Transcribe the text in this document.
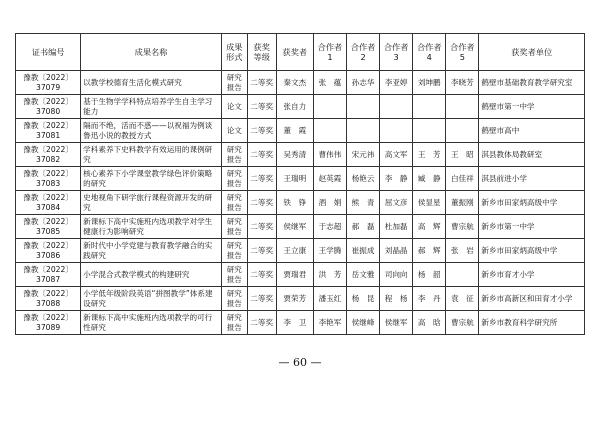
证书编号	成果名称	成果形式	获奖等级	获奖者	合作者1	合作者2	合作者3	合作者4	合作者5	获奖者单位
豫教〔2022〕37079	以教学校德育生活化模式研究	研究报告	二等奖	秦文杰	张　蕴	孙志华	李亚婷	刘坤鹏	李晓芳	鹤壁市基础教育教学研究室
豫教〔2022〕37080	基于生物学学科特点培养学生自主学习能力	论文	二等奖	张自力						鹤壁市第一中学
豫教〔2022〕37081	隔而不绝，活而不惑——以祝福为例谈鲁迅小说的教授方式	论文	二等奖	董　霞						鹤壁市高中
豫教〔2022〕37082	学科素养下史料教学有效运用的课例研究	研究报告	二等奖	吴秀清	曹伟伟	宋元祎	高文军	王　芳	王　昭	淇县教体局教研室
豫教〔2022〕37083	核心素养下小学课堂教学绿色评价策略的研究	研究报告	二等奖	王瑞明	赵英霞	杨艳云	李　静	臧　静	白佳祥	淇县前进小学
豫教〔2022〕37084	史地视角下研学旅行课程资源开发的研究	研究报告	二等奖	铁　铮	酒　娟	熊　青	屈文彦	侯显星	董振刚	新乡市田家炳高级中学
豫教〔2022〕37085	新课标下高中实施班内选项教学对学生健康行为影响研究	研究报告	二等奖	侯继军	于志超	郝　磊	杜加磊	高　辉	曹宗航	新乡市第一中学
豫教〔2022〕37086	新时代中小学党建与教育教学融合的实践研究	研究报告	二等奖	王立康	王学腾	崔振成	刘晶晶	郝　辉	张　岩	新乡市田家炳高级中学
豫教〔2022〕37087	小学混合式教学模式的构建研究	研究报告	二等奖	贾瑞君	洪　芳	岳文雅	司向向	杨　韶		新乡市育才小学
豫教〔2022〕37088	小学低年级阶段英语“拼图教学”体系建设研究	研究报告	二等奖	贾荣芳	潘玉红	杨　昆	程　杨	李　丹	袁　征	新乡市高新区和田育才小学
豫教〔2022〕37089	新课标下高中实施班内选项教学的可行性研究	研究报告	二等奖	李　卫	李艳军	侯继峰	侯继军	高　晗	曹宗航	新乡市教育科学研究所
— 60 —
